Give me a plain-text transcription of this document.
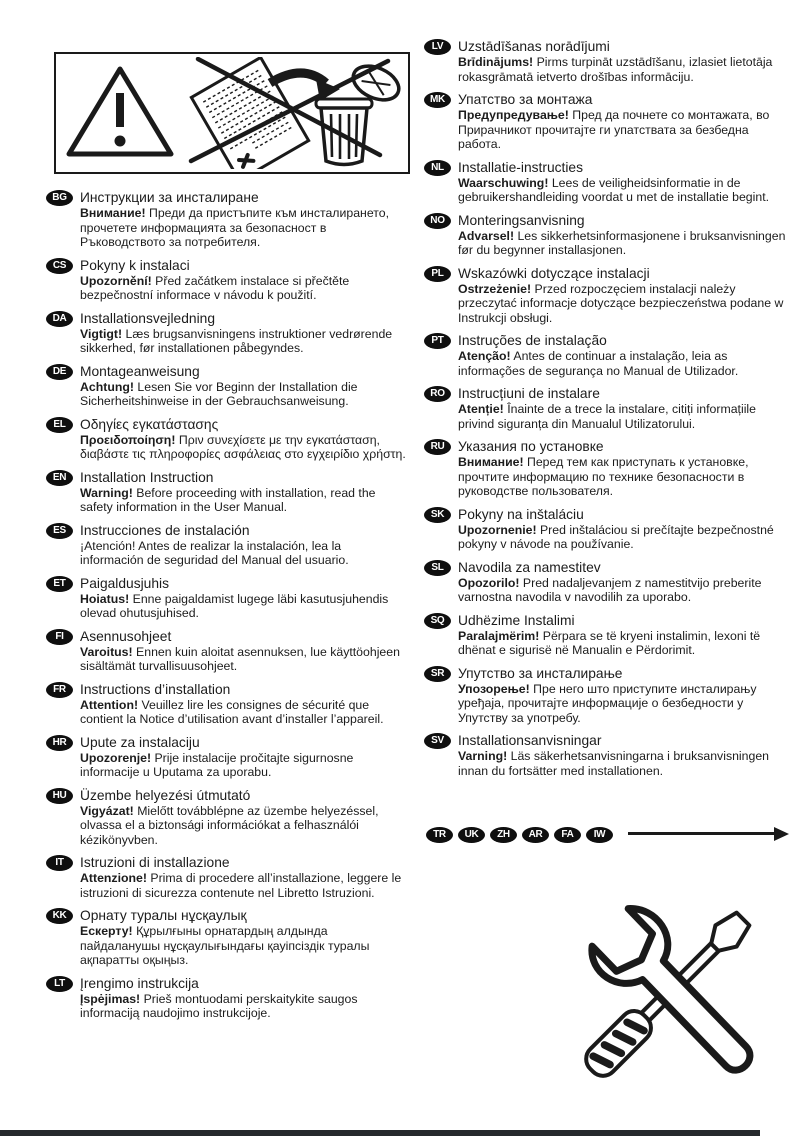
BG Инструкции за инсталиране
Внимание! Преди да пристъпите към инсталирането, прочетете информацията за безопасност в Ръководството за потребителя.
CS	Pokyny k instalaci
Upozornění! Před začátkem instalace si přečtěte bezpečnostní informace v návodu k použití.
DA Installationsvejledning
Vigtigt! Læs brugsanvisningens instruktioner vedrørende sikkerhed, før installationen påbegyndes.
DE	Montageanweisung
Achtung! Lesen Sie vor Beginn der Installation die Sicherheitshinweise in der Gebrauchsanweisung.
EL	Οδηγίες εγκατάστασης
Προειδοποίηση! Πριν συνεχίσετε με την εγκατάσταση, διαβάστε τις πληροφορίες ασφάλειας στο εγχειρίδιο χρήστη.
EN	Installation Instruction
Warning! Before proceeding with installation, read the safety information in the User Manual.
ES	Instrucciones de instalación
¡Atención! Antes de realizar la instalación, lea la información de seguridad del Manual del usuario.
ET	Paigaldusjuhis
Hoiatus! Enne paigaldamist lugege läbi kasutusjuhendis olevad ohutusjuhised.
FI	Asennusohjeet
Varoitus! Ennen kuin aloitat asennuksen, lue käyttöohjeen sisältämät turvallisuusohjeet.
FR	Instructions d’installation
Attention! Veuillez lire les consignes de sécurité que contient la Notice d’utilisation avant d’installer l’appareil.
HR Upute za instalaciju
Upozorenje! Prije instalacije pročitajte sigurnosne informacije u Uputama za uporabu.
HU Üzembe helyezési útmutató
Vigyázat! Mielőtt továbblépne az üzembe helyezéssel, olvassa el a biztonsági információkat a felhasználói kézikönyvben.
IT	Istruzioni di installazione
Attenzione! Prima di procedere all’installazione, leggere le istruzioni di sicurezza contenute nel Libretto Istruzioni.
KK Орнату туралы нұсқаулық
Ескерту! Құрылғыны орнатардың алдында пайдаланушы нұсқаулығындағы қауіпсіздік туралы ақпаратты оқыңыз.
LT	Įrengimo instrukcija
Įspėjimas! Prieš montuodami perskaitykite saugos informaciją naudojimo instrukcijoje.
LV	Uzstādīšanas norādījumi
Brīdinājums! Pirms turpināt uzstādīšanu, izlasiet lietotāja rokasgrāmatā ietverto drošības informāciju.
MK Упатство за монтажа
Предупредување! Пред да почнете со монтажата, во Прирачникот прочитајте ги упатствата за безбедна работа.
NL	Installatie-instructies
Waarschuwing! Lees de veiligheidsinformatie in de gebruikershandleiding voordat u met de installatie begint.
NO Monteringsanvisning
Advarsel! Les sikkerhetsinformasjonene i bruksanvisningen før du begynner installasjonen.
PL	Wskazówki dotyczące instalacji
Ostrzeżenie! Przed rozpoczęciem instalacji należy przeczytać informacje dotyczące bezpieczeństwa podane w Instrukcji obsługi.
PT	Instruções de instalação
Atenção! Antes de continuar a instalação, leia as informações de segurança no Manual de Utilizador.
RO Instrucțiuni de instalare
Atenție! Înainte de a trece la instalare, citiți informațiile privind siguranța din Manualul Utilizatorului.
RU Указания по установке
Внимание! Перед тем как приступать к установке, прочтите информацию по технике безопасности в руководстве пользователя.
SK	Pokyny na inštaláciu
Upozornenie! Pred inštaláciou si prečítajte bezpečnostné pokyny v návode na používanie.
SL	Navodila za namestitev
Opozorilo! Pred nadaljevanjem z namestitvijo preberite varnostna navodila v navodilih za uporabo.
SQ Udhëzime Instalimi
Paralajmërim! Përpara se të kryeni instalimin, lexoni të dhënat e sigurisë në Manualin e Përdorimit.
SR	Упутство за инсталирање
Упозорење! Пре него што приступите инсталирању уређаја, прочитајте информације о безбедности у Упутству за употребу.
SV	Installationsanvisningar
Varning! Läs säkerhetsanvisningarna i bruksanvisningen innan du fortsätter med installationen.
TR UK ZH AR FA IW
